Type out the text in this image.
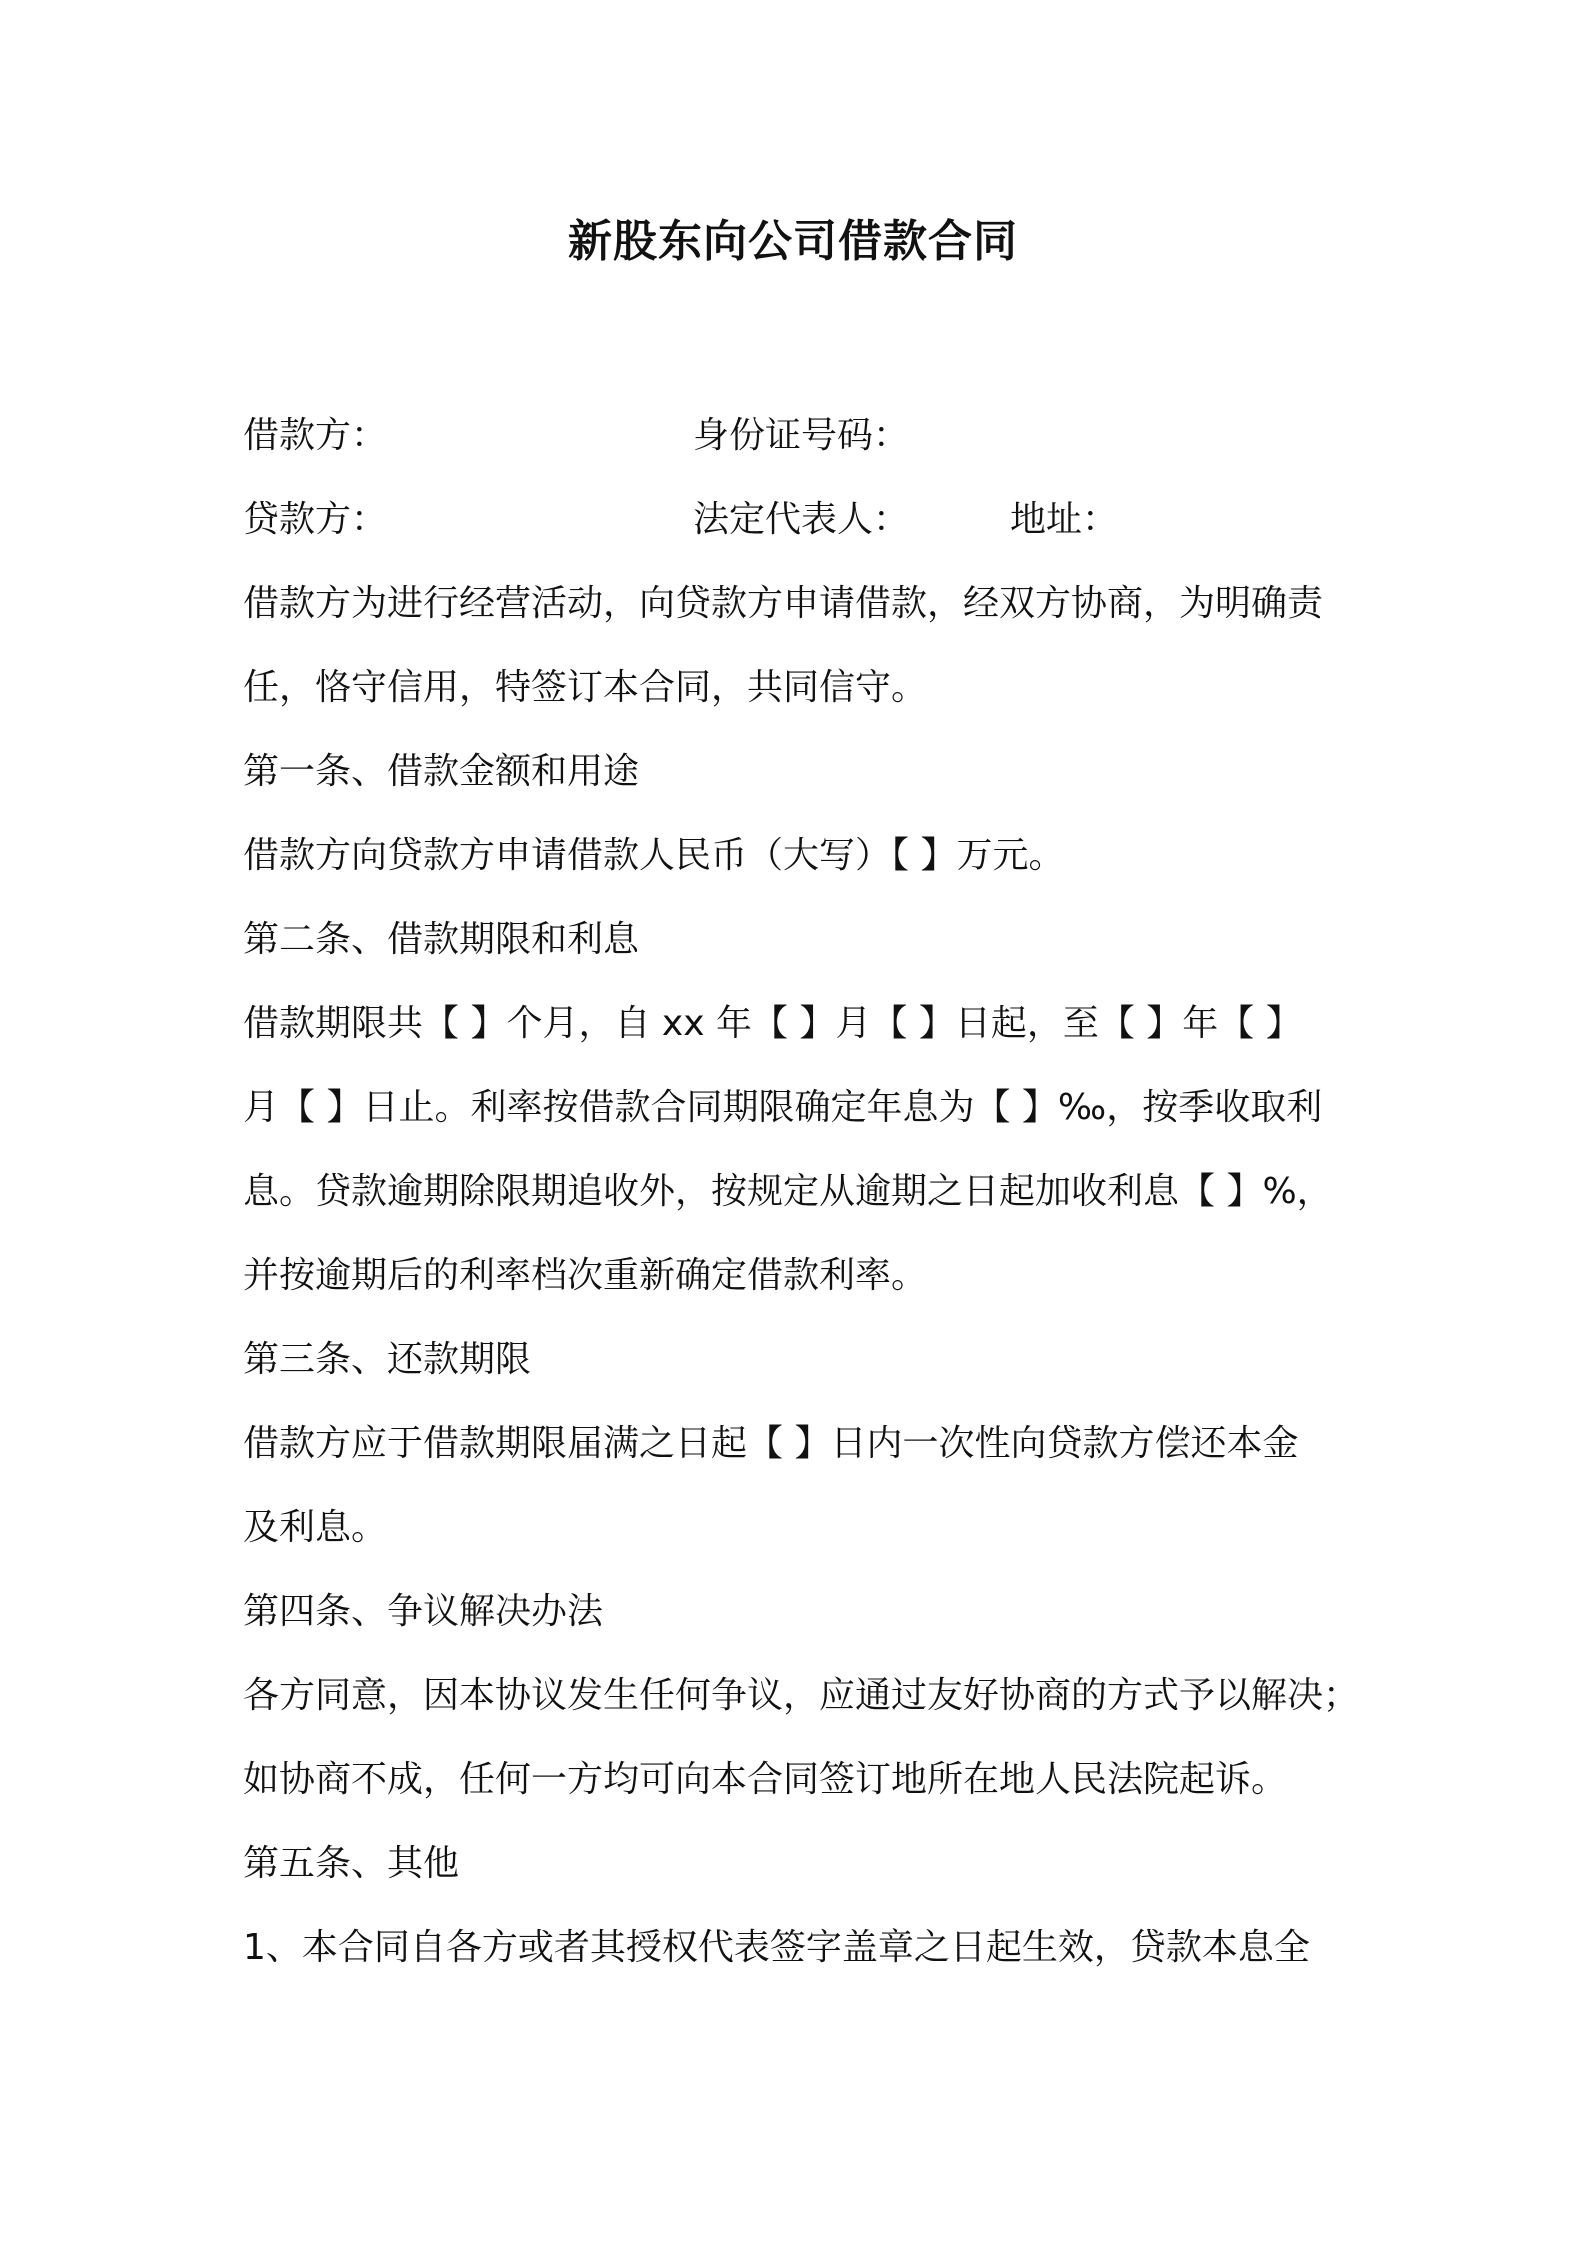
新股东向公司借款合同
借款方：	身份证号码：
贷款方：	法定代表人：	地址：
借款方为进行经营活动，向贷款方申请借款，经双方协商，为明确责
任，恪守信用，特签订本合同，共同信守。
第一条、借款金额和用途
借款方向贷款方申请借款人民币（大写）【 】万元。
第二条、借款期限和利息
借款期限共【 】个月，自 xx 年【 】月【 】日起，至【 】年【 】
月【 】日止。利率按借款合同期限确定年息为【 】‰，按季收取利
息。贷款逾期除限期追收外，按规定从逾期之日起加收利息【 】%，
并按逾期后的利率档次重新确定借款利率。
第三条、还款期限
借款方应于借款期限届满之日起【 】日内一次性向贷款方偿还本金
及利息。
第四条、争议解决办法
各方同意，因本协议发生任何争议，应通过友好协商的方式予以解决；
如协商不成，任何一方均可向本合同签订地所在地人民法院起诉。
第五条、其他
1、本合同自各方或者其授权代表签字盖章之日起生效，贷款本息全
